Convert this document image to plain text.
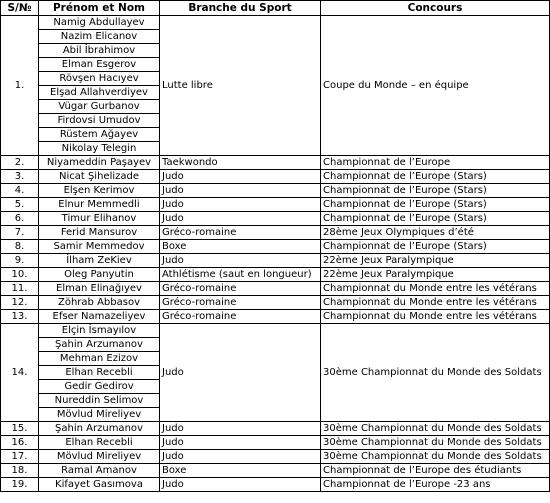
S/№	Prénom et Nom	Branche du Sport	Concours
1.	Namig Abdullayev	Lutte libre	Coupe du Monde – en équipe
	Nazim Elicanov		
	Abil İbrahimov		
	Elman Esgerov		
	Rövşen Hacıyev		
	Elşad Allahverdiyev		
	Vügar Gurbanov		
	Firdovsi Umudov		
	Rüstem Ağayev		
	Nikolay Telegin		
2.	Niyameddin Paşayev	Taekwondo	Championnat de l’Europe
3.	Nicat Şihelizade	Judo	Championnat de l’Europe (Stars)
4.	Elşen Kerimov	Judo	Championnat de l’Europe (Stars)
5.	Elnur Memmedli	Judo	Championnat de l’Europe (Stars)
6.	Timur Elihanov	Judo	Championnat de l’Europe (Stars)
7.	Ferid Mansurov	Gréco-romaine	28ème Jeux Olympiques d’été
8.	Samir Memmedov	Boxe	Championnat de l’Europe (Stars)
9.	İlham ZeKiev	Judo	22ème Jeux Paralympique
10.	Oleg Panyutin	Athlétisme (saut en longueur)	22ème Jeux Paralympique
11.	Elman Elinağıyev	Gréco-romaine	Championnat du Monde entre les vétérans
12.	Zöhrab Abbasov	Gréco-romaine	Championnat du Monde entre les vétérans
13.	Efser Namazeliyev	Gréco-romaine	Championnat du Monde entre les vétérans
14.	Elçin İsmayılov	Judo	30ème Championnat du Monde des Soldats
	Şahin Arzumanov		
	Mehman Ezizov		
	Elhan Recebli		
	Gedir Gedirov		
	Nureddin Selimov		
	Mövlud Mireliyev		
15.	Şahin Arzumanov	Judo	30ème Championnat du Monde des Soldats
16.	Elhan Recebli	Judo	30ème Championnat du Monde des Soldats
17.	Mövlud Mireliyev	Judo	30ème Championnat du Monde des Soldats
18.	Ramal Amanov	Boxe	Championnat de l’Europe des étudiants
19.	Kifayet Gasımova	Judo	Championnat de l’Europe -23 ans
